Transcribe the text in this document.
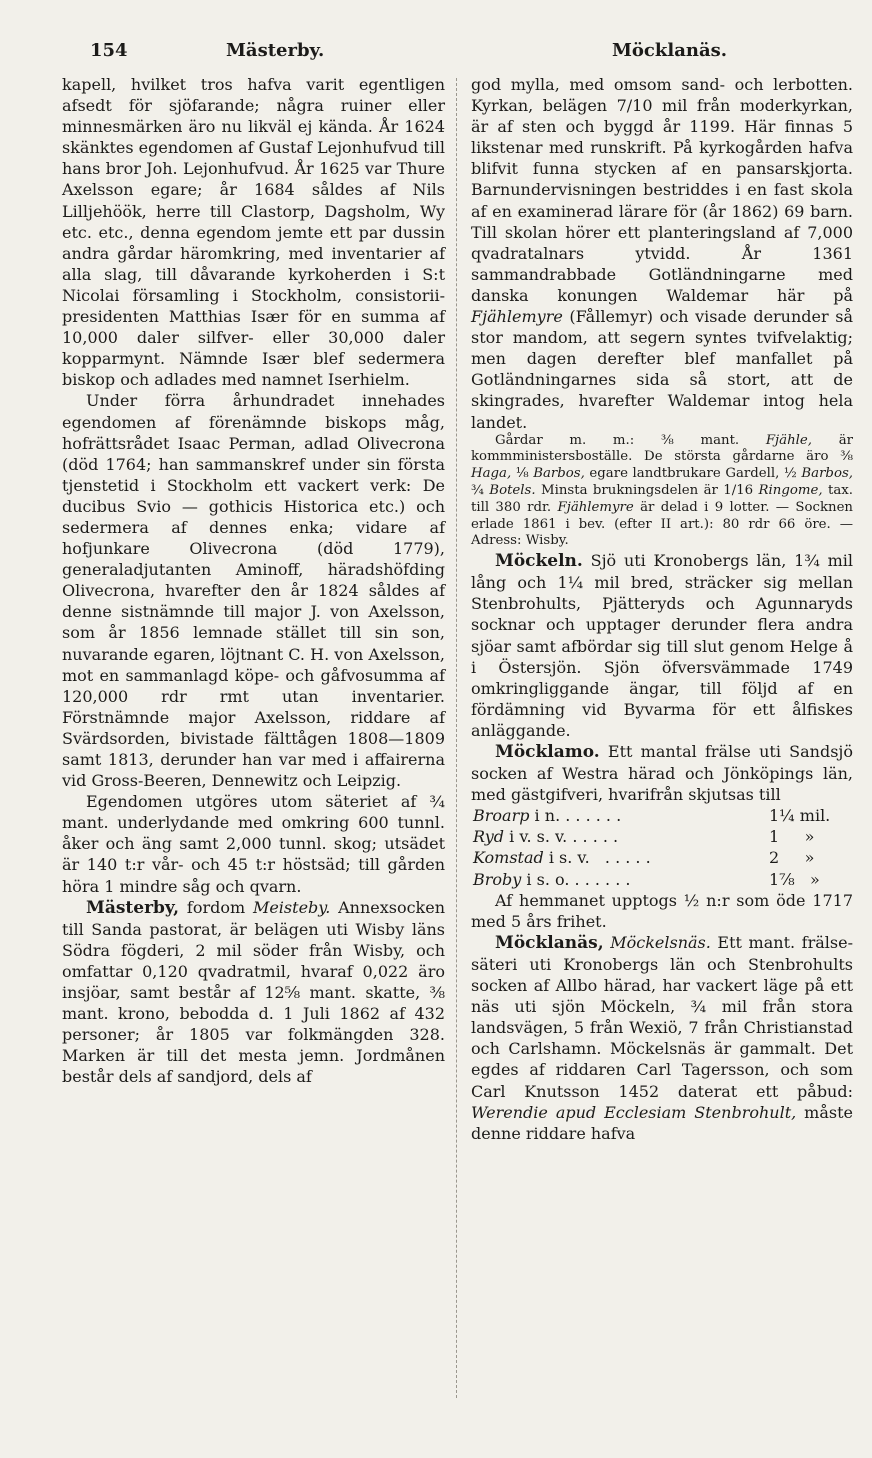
154	Mästerby.	Möcklanäs.

kapell, hvilket tros hafva varit egentligen afsedt för sjöfarande; några ruiner eller minnesmärken äro nu likväl ej kända. År 1624 skänktes egendomen af Gustaf Lejonhufvud till hans bror Joh. Lejonhufvud. År 1625 var Thure Axelsson egare; år 1684 såldes af Nils Lilljehöök, herre till Clastorp, Dagsholm, Wy etc. etc., denna egendom jemte ett par dussin andra gårdar häromkring, med inventarier af alla slag, till dåvarande kyrkoherden i S:t Nicolai församling i Stockholm, consistorii-presidenten Matthias Især för en summa af 10,000 daler silfver- eller 30,000 daler kopparmynt. Nämnde Især blef sedermera biskop och adlades med namnet Iserhielm.

Under förra århundradet innehades egendomen af förenämnde biskops måg, hofrättsrådet Isaac Perman, adlad Olivecrona (död 1764; han sammanskref under sin första tjenstetid i Stockholm ett vackert verk: De ducibus Svio — gothicis Historica etc.) och sedermera af dennes enka; vidare af hofjunkare Olivecrona (död 1779), generaladjutanten Aminoff, häradshöfding Olivecrona, hvarefter den år 1824 såldes af denne sistnämnde till major J. von Axelsson, som år 1856 lemnade stället till sin son, nuvarande egaren, löjtnant C. H. von Axelsson, mot en sammanlagd köpe- och gåfvosumma af 120,000 rdr rmt utan inventarier. Förstnämnde major Axelsson, riddare af Svärdsorden, bivistade fälttågen 1808—1809 samt 1813, derunder han var med i affairerna vid Gross-Beeren, Dennewitz och Leipzig.

Egendomen utgöres utom säteriet af ¾ mant. underlydande med omkring 600 tunnl. åker och äng samt 2,000 tunnl. skog; utsädet är 140 t:r vår- och 45 t:r höstsäd; till gården höra 1 mindre såg och qvarn.

Mästerby, fordom Meisteby. Annexsocken till Sanda pastorat, är belägen uti Wisby läns Södra fögderi, 2 mil söder från Wisby, och omfattar 0,120 qvadratmil, hvaraf 0,022 äro insjöar, samt består af 12⅝ mant. skatte, ⅜ mant. krono, bebodda d. 1 Juli 1862 af 432 personer; år 1805 var folkmängden 328. Marken är till det mesta jemn. Jordmånen består dels af sandjord, dels af

god mylla, med omsom sand- och lerbotten. Kyrkan, belägen 7/10 mil från moderkyrkan, är af sten och byggd år 1199. Här finnas 5 likstenar med runskrift. På kyrkogården hafva blifvit funna stycken af en pansarskjorta. Barnundervisningen bestriddes i en fast skola af en examinerad lärare för (år 1862) 69 barn. Till skolan hörer ett planteringsland af 7,000 qvadratalnars ytvidd. År 1361 sammandrabbade Gotländningarne med danska konungen Waldemar här på Fjählemyre (Fållemyr) och visade derunder så stor mandom, att segern syntes tvifvelaktig; men dagen derefter blef manfallet på Gotländningarnes sida så stort, att de skingrades, hvarefter Waldemar intog hela landet.

Gårdar m. m.: ⅜ mant. Fjähle, är kommministersboställe. De största gårdarne äro ⅜ Haga, ⅛ Barbos, egare landtbrukare Gardell, ½ Barbos, ¾ Botels. Minsta brukningsdelen är 1/16 Ringome, tax. till 380 rdr. Fjählemyre är delad i 9 lotter. — Socknen erlade 1861 i bev. (efter II art.): 80 rdr 66 öre. — Adress: Wisby.

Möckeln. Sjö uti Kronobergs län, 1¾ mil lång och 1¼ mil bred, sträcker sig mellan Stenbrohults, Pjätteryds och Agunnaryds socknar och upptager derunder flera andra sjöar samt afbördar sig till slut genom Helge å i Östersjön. Sjön öfversvämmade 1749 omkringliggande ängar, till följd af en fördämning vid Byvarma för ett ålfiskes anläggande.

Möcklamo. Ett mantal frälse uti Sandsjö socken af Westra härad och Jönköpings län, med gästgifveri, hvarifrån skjutsas till

Broarp i n. . . . . . .	1¼ mil.
Ryd i v. s. v. . . . . .	1     »
Komstad i s. v.   . . . . .	2     »
Broby i s. o. . . . . . .	1⅞   »

Af hemmanet upptogs ½ n:r som öde 1717 med 5 års frihet.

Möcklanäs, Möckelsnäs. Ett mant. frälse-säteri uti Kronobergs län och Stenbrohults socken af Allbo härad, har vackert läge på ett näs uti sjön Möckeln, ¾ mil från stora landsvägen, 5 från Wexiö, 7 från Christianstad och Carlshamn. Möckelsnäs är gammalt. Det egdes af riddaren Carl Tagersson, och som Carl Knutsson 1452 daterat ett påbud: Werendie apud Ecclesiam Stenbrohult, måste denne riddare hafva
